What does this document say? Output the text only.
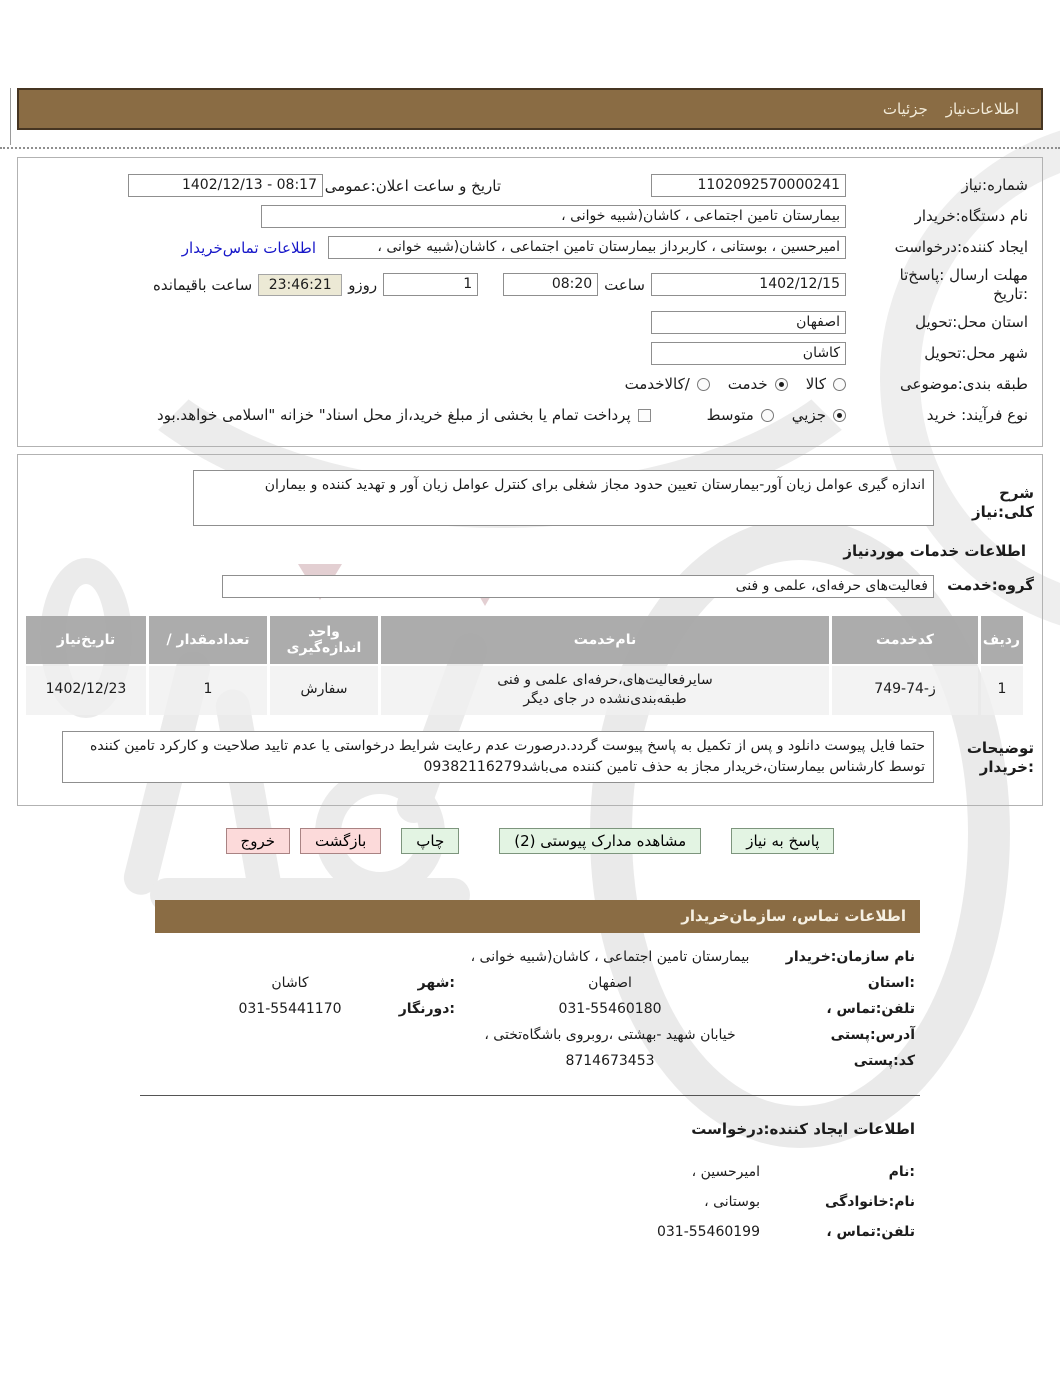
اطلاعات‌نیاز
جزئیات
شماره:نیاز
1102092570000241
تاریخ و ساعت اعلان:عمومی
08:17 - 1402/12/13
نام دستگاه:خریدار
بیمارستان تامین اجتماعی ، کاشان(شبیه خوانی ،
ایجاد کننده:درخواست
امیرحسین ، بوستانی ، کاربرداز بیمارستان تامین اجتماعی ، کاشان(شبیه خوانی ،
اطلاعات تماس‌خریدار
مهلت ارسال :پاسخ‌تا
:تاریخ
1402/12/15
ساعت
08:20
1
روزو
23:46:21
ساعت باقیمانده
استان محل:تحویل
اصفهان
شهر محل:تحویل
کاشان
طبقه بندی:موضوعی
کالا
خدمت
/کالاخدمت
نوع فرآیند: خرید
جزيي
متوسط
پرداخت تمام یا بخشی از مبلغ خرید،از محل اسناد" خزانه "اسلامی خواهد.بود
شرح کلی:نیاز
اندازه گیری عوامل زیان آور-بیمارستان تعیین حدود مجاز شغلی برای کنترل عوامل زیان آور و تهدید کننده و بیماران
اطلاعات خدمات موردنیاز
گروه:خدمت
فعالیت‌های حرفه‌ای، علمی و فنی
ردیف	کدخدمت	نام‌خدمت	واحد اندازه‌گیری	تعدادمقدار /	تاریخ‌نیاز
1	ز-74-749	سایرفعالیت‌های،حرفه‌ای علمی و فنی
طبقه‌بندی‌نشده در جای دیگر	سفارش	1	1402/12/23
توضیحات
:خریدار
حتما فایل پیوست دانلود و پس از تکمیل به پاسخ پیوست گردد.درصورت عدم رعایت شرایط درخواستی یا عدم تایید صلاحیت و کارکرد تامین کننده توسط کارشناس بیمارستان،خریدار مجاز به حذف تامین کننده می‌باشد09382116279
پاسخ به نیاز
مشاهده مدارک پیوستی (2)
چاپ
بازگشت
خروج
اطلاعات تماس، سازمان‌خریدار
نام سازمان:خریدار
بیمارستان تامین اجتماعی ، کاشان(شبیه خوانی ،
:استان
اصفهان
:شهر
کاشان
تلفن:تماس ،
031-55460180
:دورنگار
031-55441170
آدرس:پستی
خیابان شهید -بهشتی ،روبروی باشگاه‌تختی ،
کد:پستی
8714673453
اطلاعات ایجاد کننده:درخواست
:نام
امیرحسین ،
نام:خانوادگی
بوستانی ،
تلفن:تماس ،
031-55460199
